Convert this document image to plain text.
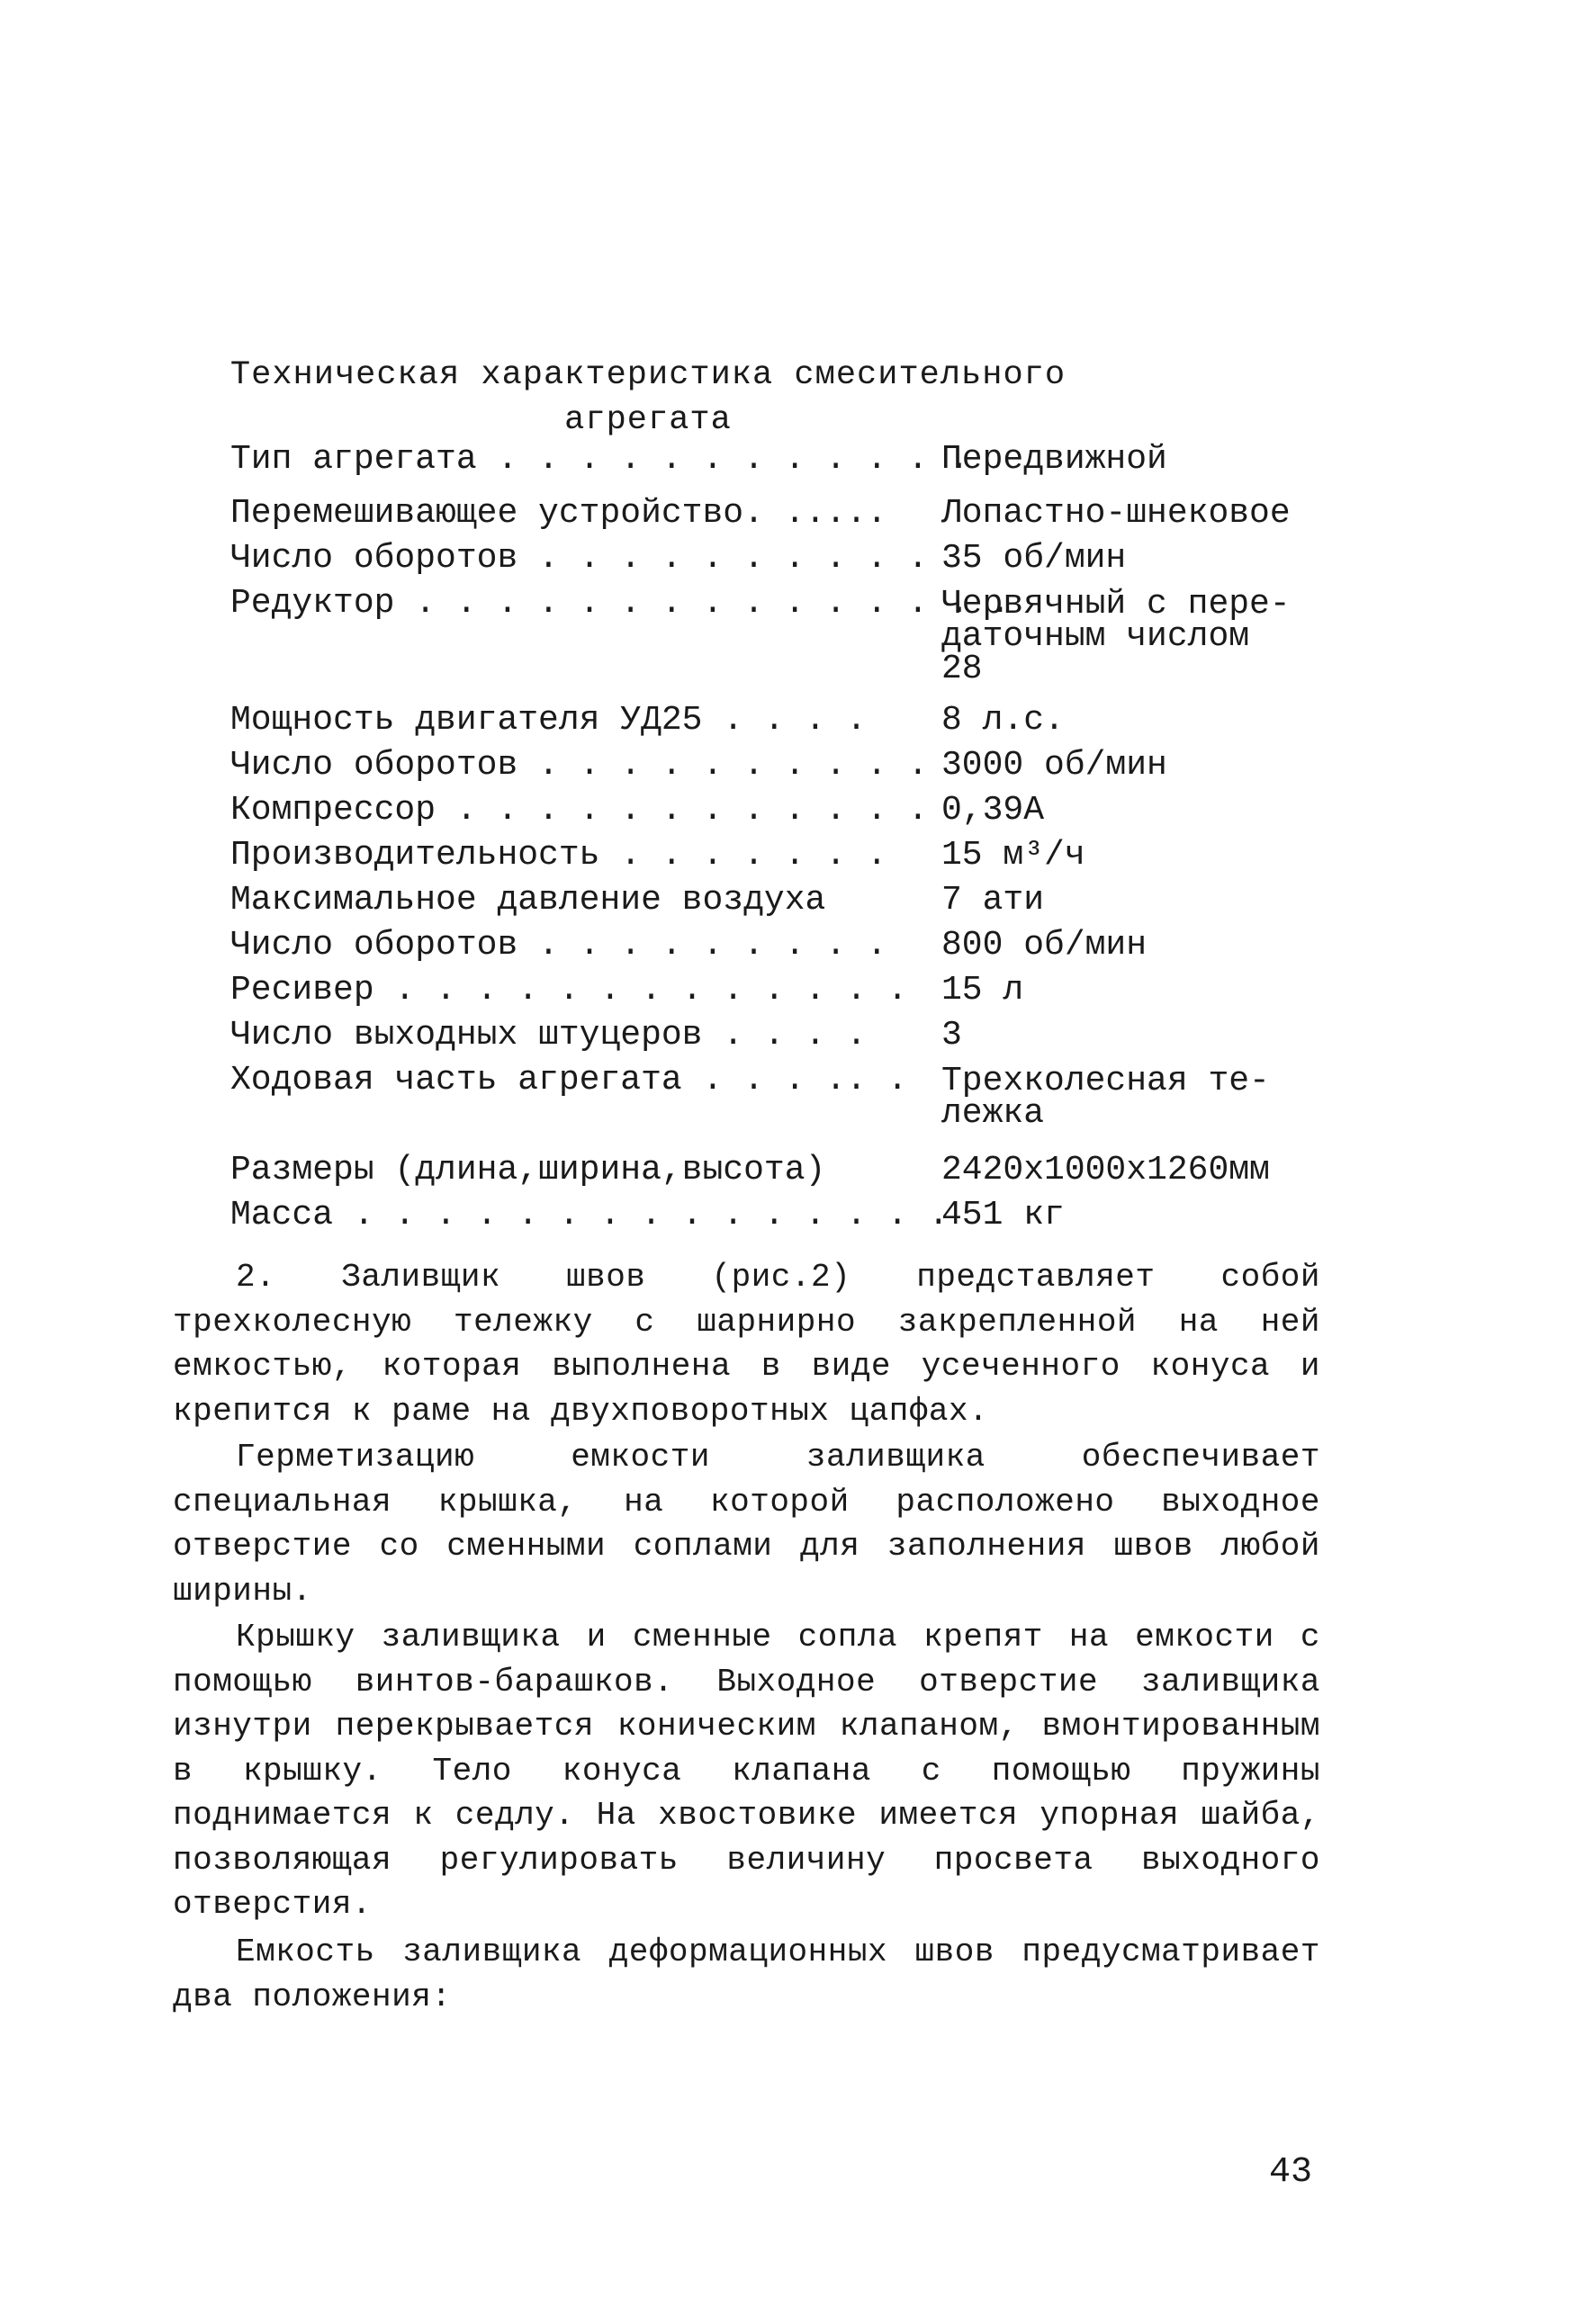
Техническая характеристика смесительного
агрегата
Тип агрегата . . . . . . . . . . . .
Передвижной
Перемешивающее устройство. ..... Лопастно-шнековое
Число оборотов . . . . . . . . . . 35 об/мин
Редуктор . . . . . . . . . . . . . . .
Червячный с пере-
даточным числом
28
Мощность двигателя УД25 . . . . 8 л.с.
Число оборотов . . . . . . . . . . 3000 об/мин
Компрессор . . . . . . . . . . . . 0,39А
Производительность . . . . . . . 15 м³/ч
Максимальное давление воздуха	7 ати
Число оборотов . . . . . . . . . 800 об/мин
Ресивер . . . . . . . . . . . . . 15 л
Число выходных штуцеров . . . . 3
Ходовая часть агрегата . . . .. . Трехколесная те-
лежка
Размеры (длина,ширина,высота)	2420х1000х1260мм
Масса . . . . . . . . . . . . . . .
451 кг
2. Заливщик швов (рис.2) представляет собой трехколесную тележку с шарнирно закрепленной на ней емкостью, которая выполнена в виде усеченного конуса и крепится к раме на двухповоротных цапфах.
Герметизацию емкости заливщика обеспечивает специальная крышка, на которой расположено выходное отверстие со сменными соплами для заполнения швов любой ширины.
Крышку заливщика и сменные сопла крепят на емкости с помощью винтов-барашков. Выходное отверстие заливщика изнутри перекрывается коническим клапаном, вмонтированным в крышку. Тело конуса клапана с помощью пружины поднимается к седлу. На хвостовике имеется упорная шайба, позволяющая регулировать величину просвета выходного отверстия.
Емкость заливщика деформационных швов предусматривает два положения:
43
